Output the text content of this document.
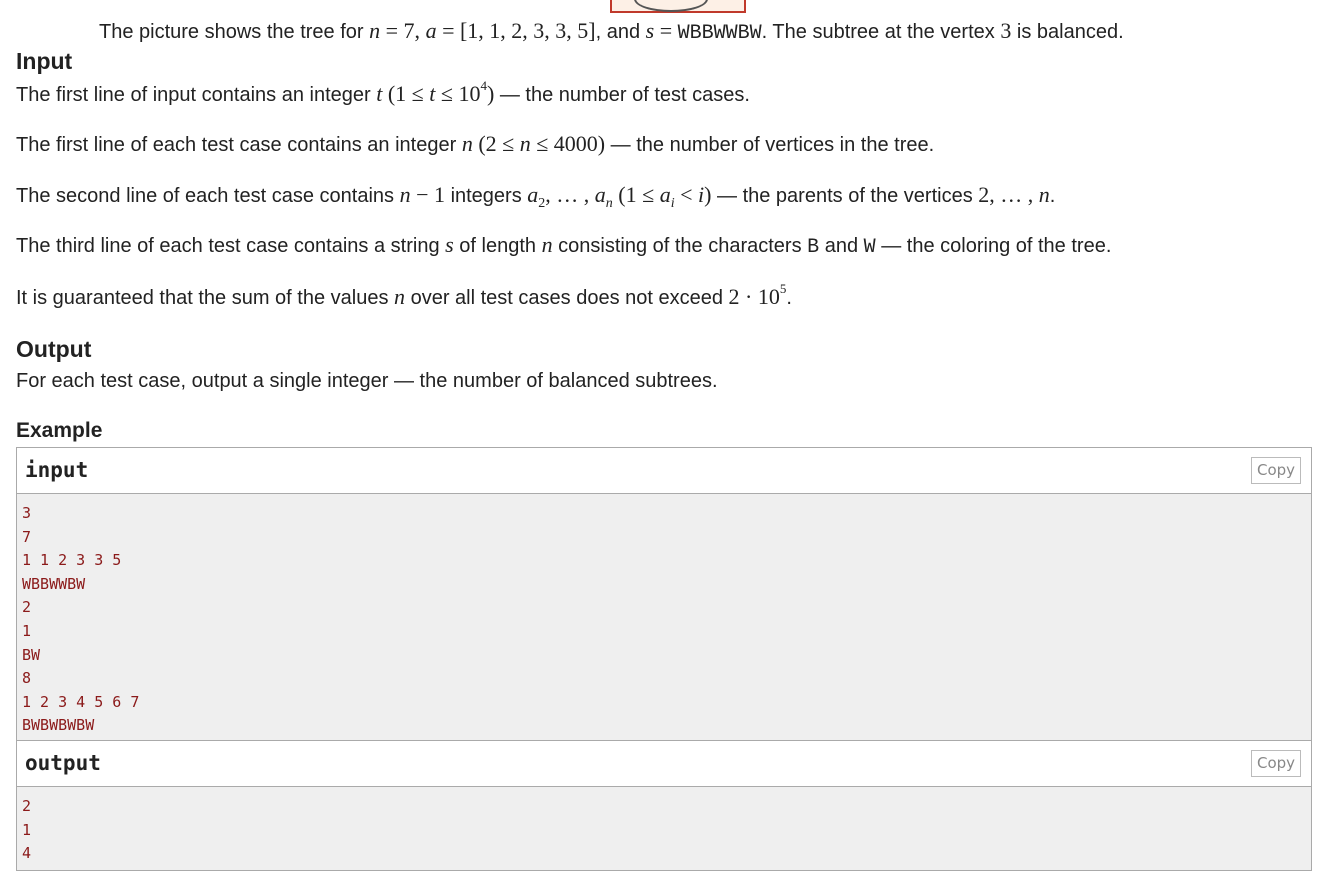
The picture shows the tree for n = 7, a = [1, 1, 2, 3, 3, 5], and s = WBBWWBW. The subtree at the vertex 3 is balanced.
Input
The first line of input contains an integer t $(1 \le t \le 10^4)$ — the number of test cases.
The first line of each test case contains an integer n (2 ≤ n ≤ 4000) — the number of vertices in the tree.
The second line of each test case contains n − 1 integers $a_2$, … , $a_n$ $(1 \le a_i < i)$ — the parents of the vertices 2, … , n.
The third line of each test case contains a string s of length n consisting of the characters B and W — the coloring of the tree.
It is guaranteed that the sum of the values n over all test cases does not exceed $2 \cdot 10^5$.
Output
For each test case, output a single integer — the number of balanced subtrees.
Example
input	Copy
3
7
1 1 2 3 3 5
WBBWWBW
2
1
BW
8
1 2 3 4 5 6 7
BWBWBWBW
output	Copy
2
1
4
